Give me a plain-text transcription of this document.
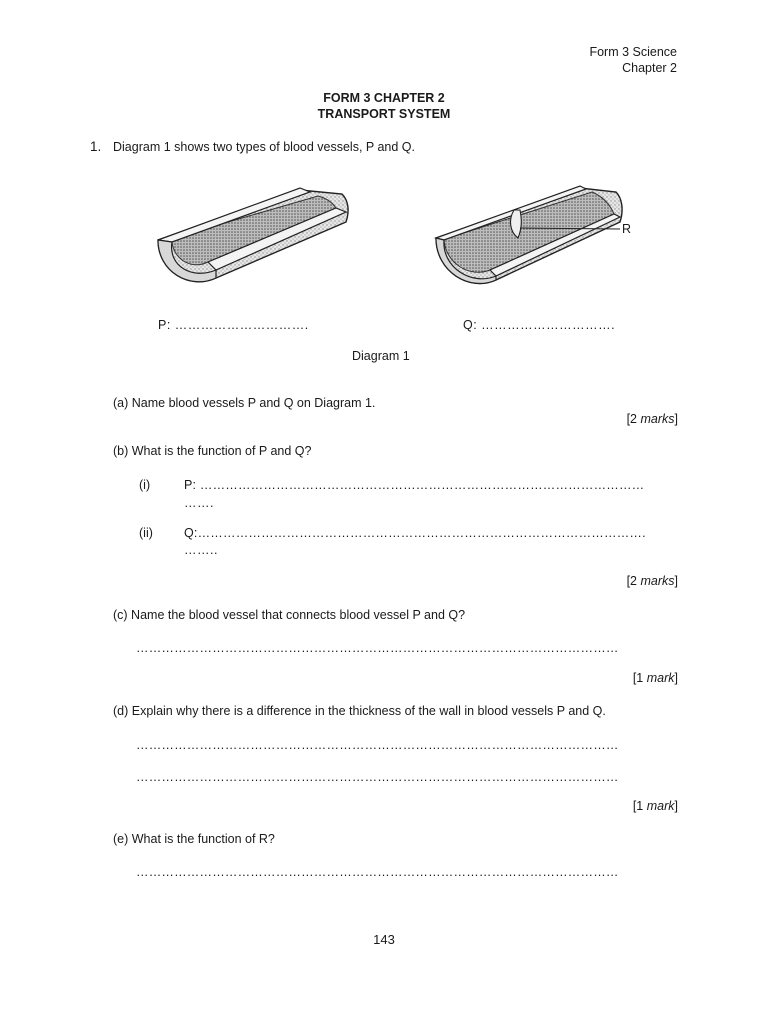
Form 3 Science
Chapter 2
FORM 3 CHAPTER 2
TRANSPORT SYSTEM
1. Diagram 1 shows two types of blood vessels, P and Q.
R
P: ………………………….	Q: ………………………….
Diagram 1
(a) Name blood vessels P and Q on Diagram 1.
[2 marks]
(b) What is the function of P and Q?
(i)	P: ……………………………………………………………………………………………
…….
(ii) Q:…………………………………………………………………………………………….
……..
[2 marks]
(c) Name the blood vessel that connects blood vessel P and Q?
……………………………………………………………………………………………………
[1 mark]
(d) Explain why there is a difference in the thickness of the wall in blood vessels P and Q.
……………………………………………………………………………………………………
……………………………………………………………………………………………………
[1 mark]
(e) What is the function of R?
……………………………………………………………………………………………………
143
